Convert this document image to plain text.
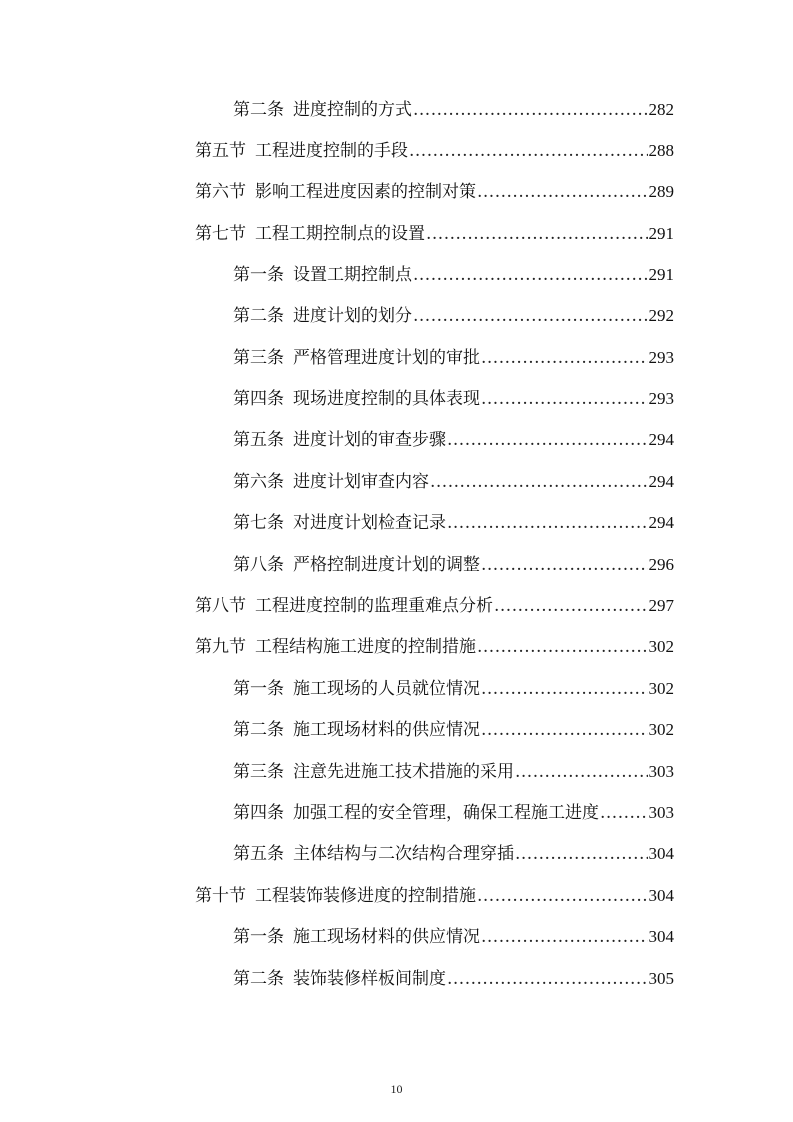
第二条 进度控制的方式 .....	282
第五节 工程进度控制的手段 .....	288
第六节 影响工程进度因素的控制对策 .....	289
第七节 工程工期控制点的设置 .....	291
第一条 设置工期控制点 .....	291
第二条 进度计划的划分 .....	292
第三条 严格管理进度计划的审批 .....	293
第四条 现场进度控制的具体表现 .....	293
第五条 进度计划的审查步骤 .....	294
第六条 进度计划审查内容 .....	294
第七条 对进度计划检查记录 .....	294
第八条 严格控制进度计划的调整 .....	296
第八节 工程进度控制的监理重难点分析 .....	297
第九节 工程结构施工进度的控制措施 .....	302
第一条 施工现场的人员就位情况 .....	302
第二条 施工现场材料的供应情况 .....	302
第三条 注意先进施工技术措施的采用 .....	303
第四条 加强工程的安全管理，确保工程施工进度 .....	303
第五条 主体结构与二次结构合理穿插 .....	304
第十节 工程装饰装修进度的控制措施 .....	304
第一条 施工现场材料的供应情况 .....	304
第二条 装饰装修样板间制度 .....	305
10
